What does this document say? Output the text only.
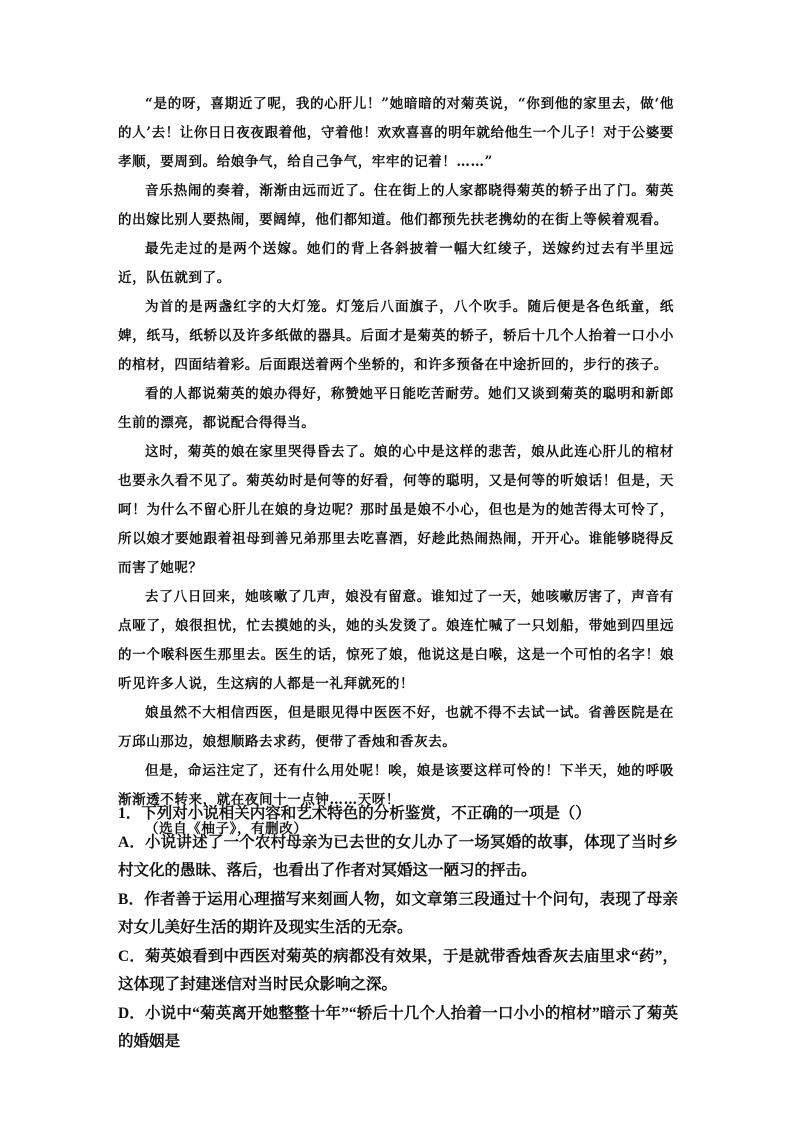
“是的呀，喜期近了呢，我的心肝儿！”她暗暗的对菊英说，“你到他的家里去，做‘他的人’去！让你日日夜夜跟着他，守着他！欢欢喜喜的明年就给他生一个儿子！对于公婆要孝顺，要周到。给娘争气，给自己争气，牢牢的记着！……”

音乐热闹的奏着，渐渐由远而近了。住在街上的人家都晓得菊英的轿子出了门。菊英的出嫁比别人要热闹，要阔绰，他们都知道。他们都预先扶老携幼的在街上等候着观看。

最先走过的是两个送嫁。她们的背上各斜披着一幅大红绫子，送嫁约过去有半里远近，队伍就到了。

为首的是两盏红字的大灯笼。灯笼后八面旗子，八个吹手。随后便是各色纸童，纸婢，纸马，纸轿以及许多纸做的器具。后面才是菊英的轿子，轿后十几个人抬着一口小小的棺材，四面结着彩。后面跟送着两个坐轿的，和许多预备在中途折回的，步行的孩子。

看的人都说菊英的娘办得好，称赞她平日能吃苦耐劳。她们又谈到菊英的聪明和新郎生前的漂亮，都说配合得得当。

这时，菊英的娘在家里哭得昏去了。娘的心中是这样的悲苦，娘从此连心肝儿的棺材也要永久看不见了。菊英幼时是何等的好看，何等的聪明，又是何等的听娘话！但是，天呵！为什么不留心肝儿在娘的身边呢？那时虽是娘不小心，但也是为的她苦得太可怜了，所以娘才要她跟着祖母到善兄弟那里去吃喜酒，好趁此热闹热闹，开开心。谁能够晓得反而害了她呢？

去了八日回来，她咳嗽了几声，娘没有留意。谁知过了一天，她咳嗽厉害了，声音有点哑了，娘很担忧，忙去摸她的头，她的头发烫了。娘连忙喊了一只划船，带她到四里远的一个喉科医生那里去。医生的话，惊死了娘，他说这是白喉，这是一个可怕的名字！娘听见许多人说，生这病的人都是一礼拜就死的！

娘虽然不大相信西医，但是眼见得中医医不好，也就不得不去试一试。省善医院是在万邱山那边，娘想顺路去求药，便带了香烛和香灰去。

但是，命运注定了，还有什么用处呢！唉，娘是该要这样可怜的！下半天，她的呼吸渐渐透不转来，就在夜间十一点钟……天呀！

（选自《柚子》，有删改）

1．下列对小说相关内容和艺术特色的分析鉴赏，不正确的一项是（）

A．小说讲述了一个农村母亲为已去世的女儿办了一场冥婚的故事，体现了当时乡村文化的愚昧、落后，也看出了作者对冥婚这一陋习的抨击。

B．作者善于运用心理描写来刻画人物，如文章第三段通过十个问句，表现了母亲对女儿美好生活的期许及现实生活的无奈。

C．菊英娘看到中西医对菊英的病都没有效果，于是就带香烛香灰去庙里求“药”，这体现了封建迷信对当时民众影响之深。

D．小说中“菊英离开她整整十年”“轿后十几个人抬着一口小小的棺材”暗示了菊英的婚姻是
